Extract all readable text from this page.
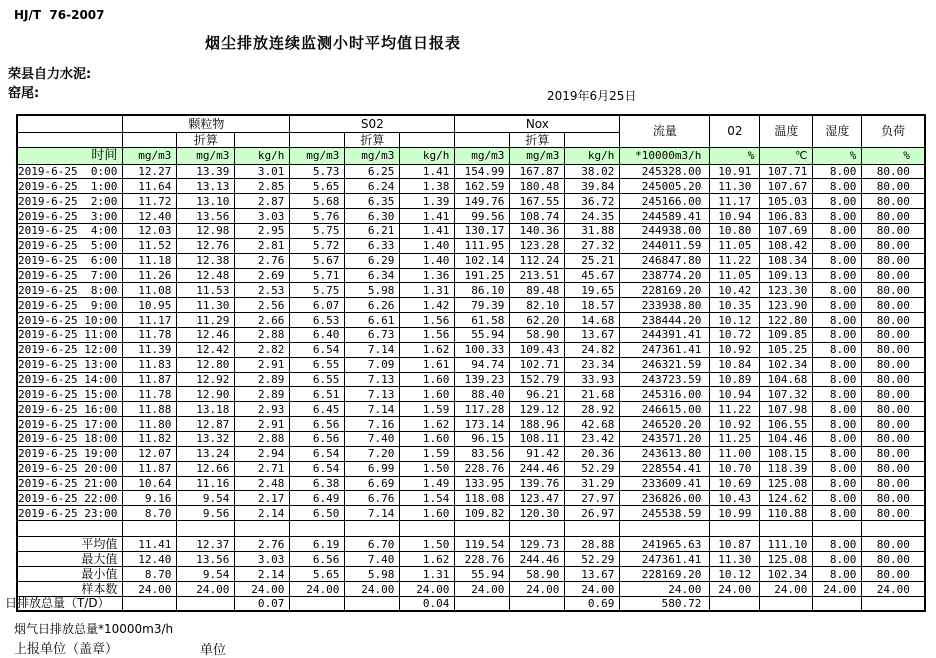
HJ/T  76-2007
烟尘排放连续监测小时平均值日报表
荣县自力水泥:
窑尾:	2019年6月25日
	颗粒物			S02			Nox			流量	02	温度	湿度	负荷
		折算			折算			折算						
时间	mg/m3	mg/m3	kg/h	mg/m3	mg/m3	kg/h	mg/m3	mg/m3	kg/h	*10000m3/h	%	℃	%	%
2019-6-25  0:00	12.27	13.39	3.01	5.73	6.25	1.41	154.99	167.87	38.02	245328.00	10.91	107.71	8.00	80.00
2019-6-25  1:00	11.64	13.13	2.85	5.65	6.24	1.38	162.59	180.48	39.84	245005.20	11.30	107.67	8.00	80.00
2019-6-25  2:00	11.72	13.10	2.87	5.68	6.35	1.39	149.76	167.55	36.72	245166.00	11.17	105.03	8.00	80.00
2019-6-25  3:00	12.40	13.56	3.03	5.76	6.30	1.41	99.56	108.74	24.35	244589.41	10.94	106.83	8.00	80.00
2019-6-25  4:00	12.03	12.98	2.95	5.75	6.21	1.41	130.17	140.36	31.88	244938.00	10.80	107.69	8.00	80.00
2019-6-25  5:00	11.52	12.76	2.81	5.72	6.33	1.40	111.95	123.28	27.32	244011.59	11.05	108.42	8.00	80.00
2019-6-25  6:00	11.18	12.38	2.76	5.67	6.29	1.40	102.14	112.24	25.21	246847.80	11.22	108.34	8.00	80.00
2019-6-25  7:00	11.26	12.48	2.69	5.71	6.34	1.36	191.25	213.51	45.67	238774.20	11.05	109.13	8.00	80.00
2019-6-25  8:00	11.08	11.53	2.53	5.75	5.98	1.31	86.10	89.48	19.65	228169.20	10.42	123.30	8.00	80.00
2019-6-25  9:00	10.95	11.30	2.56	6.07	6.26	1.42	79.39	82.10	18.57	233938.80	10.35	123.90	8.00	80.00
2019-6-25 10:00	11.17	11.29	2.66	6.53	6.61	1.56	61.58	62.20	14.68	238444.20	10.12	122.80	8.00	80.00
2019-6-25 11:00	11.78	12.46	2.88	6.40	6.73	1.56	55.94	58.90	13.67	244391.41	10.72	109.85	8.00	80.00
2019-6-25 12:00	11.39	12.42	2.82	6.54	7.14	1.62	100.33	109.43	24.82	247361.41	10.92	105.25	8.00	80.00
2019-6-25 13:00	11.83	12.80	2.91	6.55	7.09	1.61	94.74	102.71	23.34	246321.59	10.84	102.34	8.00	80.00
2019-6-25 14:00	11.87	12.92	2.89	6.55	7.13	1.60	139.23	152.79	33.93	243723.59	10.89	104.68	8.00	80.00
2019-6-25 15:00	11.78	12.90	2.89	6.51	7.13	1.60	88.40	96.21	21.68	245316.00	10.94	107.32	8.00	80.00
2019-6-25 16:00	11.88	13.18	2.93	6.45	7.14	1.59	117.28	129.12	28.92	246615.00	11.22	107.98	8.00	80.00
2019-6-25 17:00	11.80	12.87	2.91	6.56	7.16	1.62	173.14	188.96	42.68	246520.20	10.92	106.55	8.00	80.00
2019-6-25 18:00	11.82	13.32	2.88	6.56	7.40	1.60	96.15	108.11	23.42	243571.20	11.25	104.46	8.00	80.00
2019-6-25 19:00	12.07	13.24	2.94	6.54	7.20	1.59	83.56	91.42	20.36	243613.80	11.00	108.15	8.00	80.00
2019-6-25 20:00	11.87	12.66	2.71	6.54	6.99	1.50	228.76	244.46	52.29	228554.41	10.70	118.39	8.00	80.00
2019-6-25 21:00	10.64	11.16	2.48	6.38	6.69	1.49	133.95	139.76	31.29	233609.41	10.69	125.08	8.00	80.00
2019-6-25 22:00	9.16	9.54	2.17	6.49	6.76	1.54	118.08	123.47	27.97	236826.00	10.43	124.62	8.00	80.00
2019-6-25 23:00	8.70	9.56	2.14	6.50	7.14	1.60	109.82	120.30	26.97	245538.59	10.99	110.88	8.00	80.00

平均值	11.41	12.37	2.76	6.19	6.70	1.50	119.54	129.73	28.88	241965.63	10.87	111.10	8.00	80.00
最大值	12.40	13.56	3.03	6.56	7.40	1.62	228.76	244.46	52.29	247361.41	11.30	125.08	8.00	80.00
最小值	8.70	9.54	2.14	5.65	5.98	1.31	55.94	58.90	13.67	228169.20	10.12	102.34	8.00	80.00
样本数	24.00	24.00	24.00	24.00	24.00	24.00	24.00	24.00	24.00	24.00	24.00	24.00	24.00	24.00
日排放总量（T/D）			0.07			0.04			0.69	580.72				
烟气日排放总量*10000m3/h
上报单位（盖章）	单位
